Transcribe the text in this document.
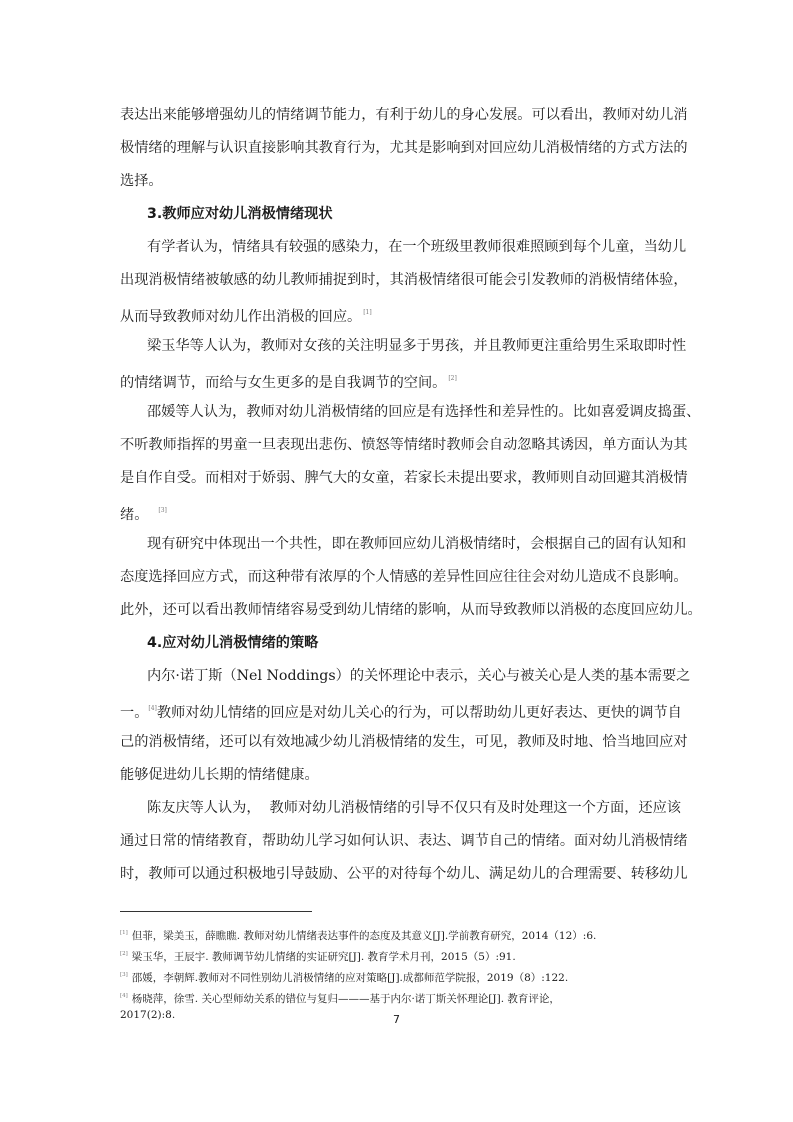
表达出来能够增强幼儿的情绪调节能力，有利于幼儿的身心发展。可以看出，教师对幼儿消
极情绪的理解与认识直接影响其教育行为，尤其是影响到对回应幼儿消极情绪的方式方法的
选择。
3.教师应对幼儿消极情绪现状
有学者认为，情绪具有较强的感染力，在一个班级里教师很难照顾到每个儿童，当幼儿
出现消极情绪被敏感的幼儿教师捕捉到时，其消极情绪很可能会引发教师的消极情绪体验，
从而导致教师对幼儿作出消极的回应。 [1]
梁玉华等人认为，教师对女孩的关注明显多于男孩，并且教师更注重给男生采取即时性
的情绪调节，而给与女生更多的是自我调节的空间。 [2]
邵媛等人认为，教师对幼儿消极情绪的回应是有选择性和差异性的。比如喜爱调皮捣蛋、
不听教师指挥的男童一旦表现出悲伤、愤怒等情绪时教师会自动忽略其诱因，单方面认为其
是自作自受。而相对于娇弱、脾气大的女童，若家长未提出要求，教师则自动回避其消极情
绪。 [3]
现有研究中体现出一个共性，即在教师回应幼儿消极情绪时，会根据自己的固有认知和
态度选择回应方式，而这种带有浓厚的个人情感的差异性回应往往会对幼儿造成不良影响。
此外，还可以看出教师情绪容易受到幼儿情绪的影响，从而导致教师以消极的态度回应幼儿。
4.应对幼儿消极情绪的策略
内尔·诺丁斯（Nel Noddings）的关怀理论中表示，关心与被关心是人类的基本需要之
一。[4]教师对幼儿情绪的回应是对幼儿关心的行为，可以帮助幼儿更好表达、更快的调节自
己的消极情绪，还可以有效地减少幼儿消极情绪的发生，可见，教师及时地、恰当地回应对
能够促进幼儿长期的情绪健康。
陈友庆等人认为，  教师对幼儿消极情绪的引导不仅只有及时处理这一个方面，还应该
通过日常的情绪教育，帮助幼儿学习如何认识、表达、调节自己的情绪。面对幼儿消极情绪
时，教师可以通过积极地引导鼓励、公平的对待每个幼儿、满足幼儿的合理需要、转移幼儿
[1] 但菲，梁美玉，薛瞧瞧. 教师对幼儿情绪表达事件的态度及其意义[J].学前教育研究，2014（12）:6.
[2] 梁玉华，王辰宇. 教师调节幼儿情绪的实证研究[J]. 教育学术月刊，2015（5）:91.
[3] 邵媛，李朝辉.教师对不同性别幼儿消极情绪的应对策略[J].成都师范学院报，2019（8）:122.
[4] 杨晓萍，徐雪. 关心型师幼关系的错位与复归———基于内尔·诺丁斯关怀理论[J]. 教育评论，
2017(2):8.	7
